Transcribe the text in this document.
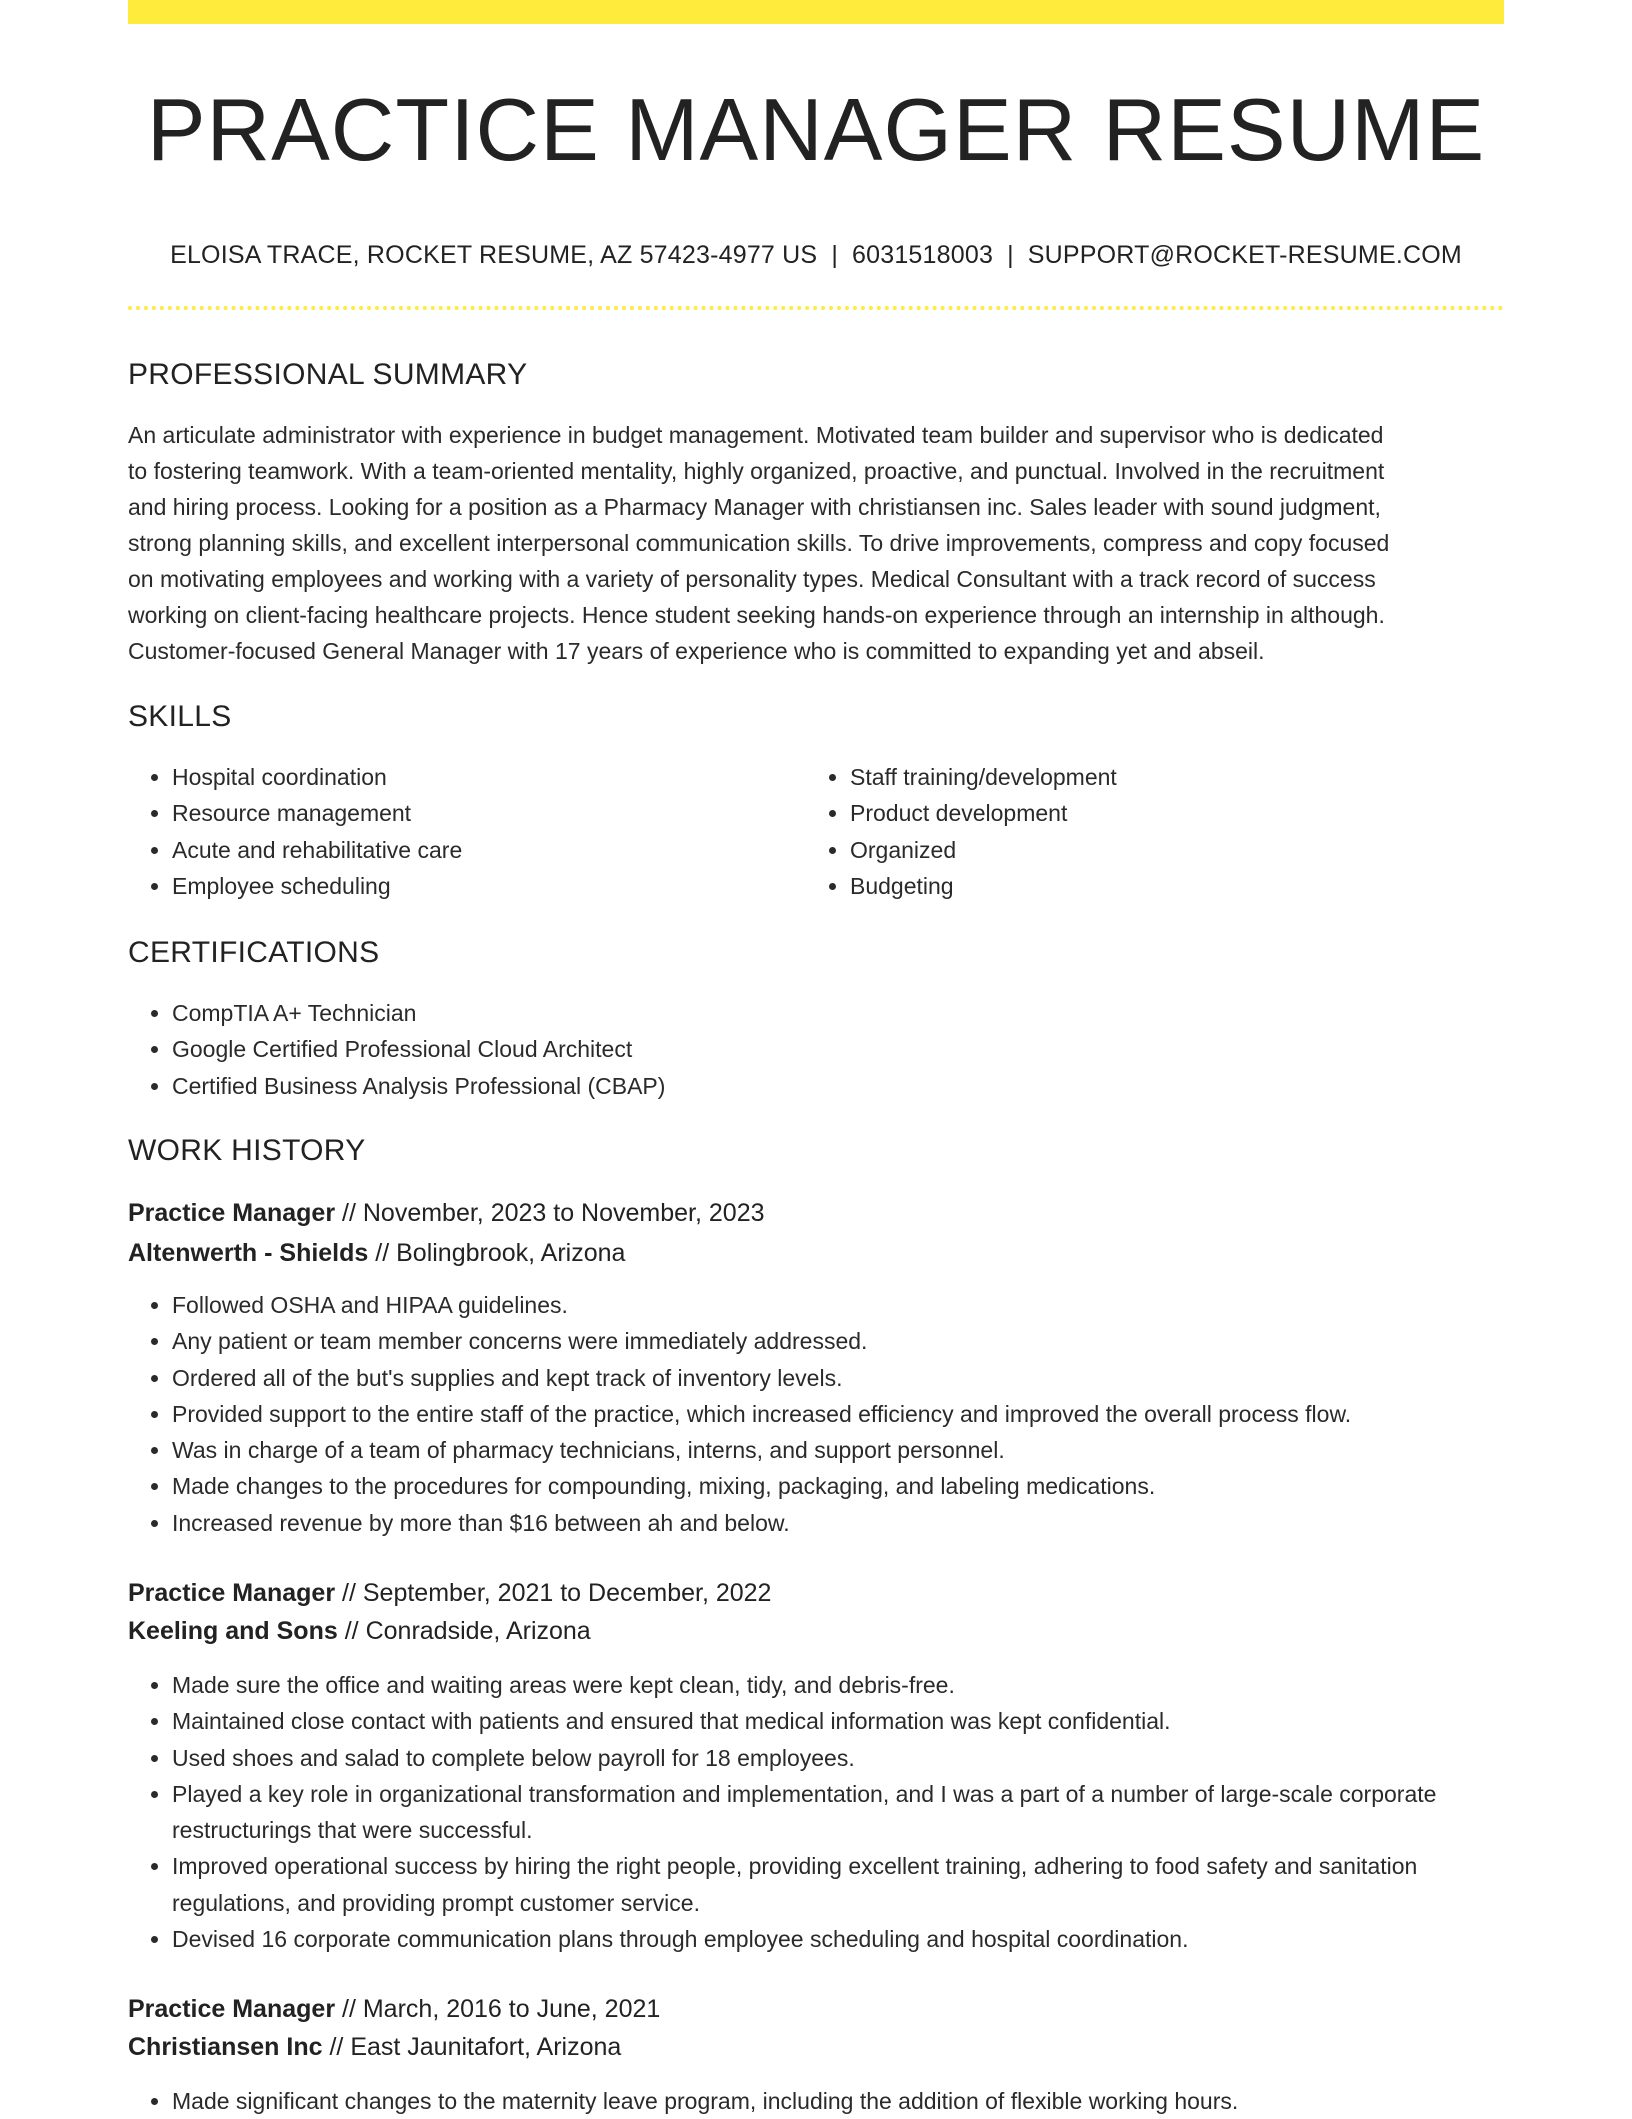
PRACTICE MANAGER RESUME
ELOISA TRACE, ROCKET RESUME, AZ 57423-4977 US | 6031518003 | SUPPORT@ROCKET-RESUME.COM
PROFESSIONAL SUMMARY
An articulate administrator with experience in budget management. Motivated team builder and supervisor who is dedicated
to fostering teamwork. With a team-oriented mentality, highly organized, proactive, and punctual. Involved in the recruitment
and hiring process. Looking for a position as a Pharmacy Manager with christiansen inc. Sales leader with sound judgment,
strong planning skills, and excellent interpersonal communication skills. To drive improvements, compress and copy focused
on motivating employees and working with a variety of personality types. Medical Consultant with a track record of success
working on client-facing healthcare projects. Hence student seeking hands-on experience through an internship in although.
Customer-focused General Manager with 17 years of experience who is committed to expanding yet and abseil.
SKILLS
• Hospital coordination
• Resource management
• Acute and rehabilitative care
• Employee scheduling
• Staff training/development
• Product development
• Organized
• Budgeting
CERTIFICATIONS
• CompTIA A+ Technician
• Google Certified Professional Cloud Architect
• Certified Business Analysis Professional (CBAP)
WORK HISTORY
Practice Manager // November, 2023 to November, 2023
Altenwerth - Shields // Bolingbrook, Arizona
• Followed OSHA and HIPAA guidelines.
• Any patient or team member concerns were immediately addressed.
• Ordered all of the but's supplies and kept track of inventory levels.
• Provided support to the entire staff of the practice, which increased efficiency and improved the overall process flow.
• Was in charge of a team of pharmacy technicians, interns, and support personnel.
• Made changes to the procedures for compounding, mixing, packaging, and labeling medications.
• Increased revenue by more than $16 between ah and below.
Practice Manager // September, 2021 to December, 2022
Keeling and Sons // Conradside, Arizona
• Made sure the office and waiting areas were kept clean, tidy, and debris-free.
• Maintained close contact with patients and ensured that medical information was kept confidential.
• Used shoes and salad to complete below payroll for 18 employees.
• Played a key role in organizational transformation and implementation, and I was a part of a number of large-scale corporate restructurings that were successful.
• Improved operational success by hiring the right people, providing excellent training, adhering to food safety and sanitation regulations, and providing prompt customer service.
• Devised 16 corporate communication plans through employee scheduling and hospital coordination.
Practice Manager // March, 2016 to June, 2021
Christiansen Inc // East Jaunitafort, Arizona
• Made significant changes to the maternity leave program, including the addition of flexible working hours.
